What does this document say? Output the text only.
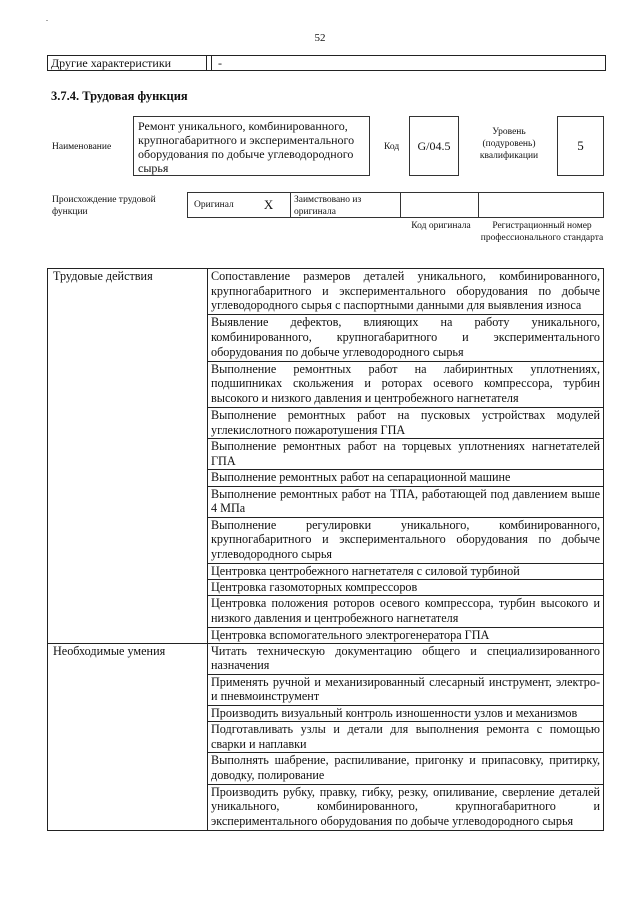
.
52
Другие характеристики	-
3.7.4. Трудовая функция
Наименование
Ремонт уникального, комбинированного, крупногабаритного и экспериментального оборудования по добыче углеводородного сырья
Код	G/04.5
Уровень (подуровень) квалификации
5
Происхождение трудовой функции
Оригинал X	Заимствовано из оригинала
Код оригинала	Регистрационный номер профессионального стандарта
Трудовые действия	Сопоставление размеров деталей уникального, комбинированного, крупногабаритного и экспериментального оборудования по добыче углеводородного сырья с паспортными данными для выявления износа
	Выявление дефектов, влияющих на работу уникального, комбинированного, крупногабаритного и экспериментального оборудования по добыче углеводородного сырья
	Выполнение ремонтных работ на лабиринтных уплотнениях, подшипниках скольжения и роторах осевого компрессора, турбин высокого и низкого давления и центробежного нагнетателя
	Выполнение ремонтных работ на пусковых устройствах модулей углекислотного пожаротушения ГПА
	Выполнение ремонтных работ на торцевых уплотнениях нагнетателей ГПА
	Выполнение ремонтных работ на сепарационной машине
	Выполнение ремонтных работ на ТПА, работающей под давлением выше 4 МПа
	Выполнение регулировки уникального, комбинированного, крупногабаритного и экспериментального оборудования по добыче углеводородного сырья
	Центровка центробежного нагнетателя с силовой турбиной
	Центровка газомоторных компрессоров
	Центровка положения роторов осевого компрессора, турбин высокого и низкого давления и центробежного нагнетателя
	Центровка вспомогательного электрогенератора ГПА
Необходимые умения	Читать техническую документацию общего и специализированного назначения
	Применять ручной и механизированный слесарный инструмент, электро- и пневмоинструмент
	Производить визуальный контроль изношенности узлов и механизмов
	Подготавливать узлы и детали для выполнения ремонта с помощью сварки и наплавки
	Выполнять шабрение, распиливание, пригонку и припасовку, притирку, доводку, полирование
	Производить рубку, правку, гибку, резку, опиливание, сверление деталей уникального, комбинированного, крупногабаритного и экспериментального оборудования по добыче углеводородного сырья
